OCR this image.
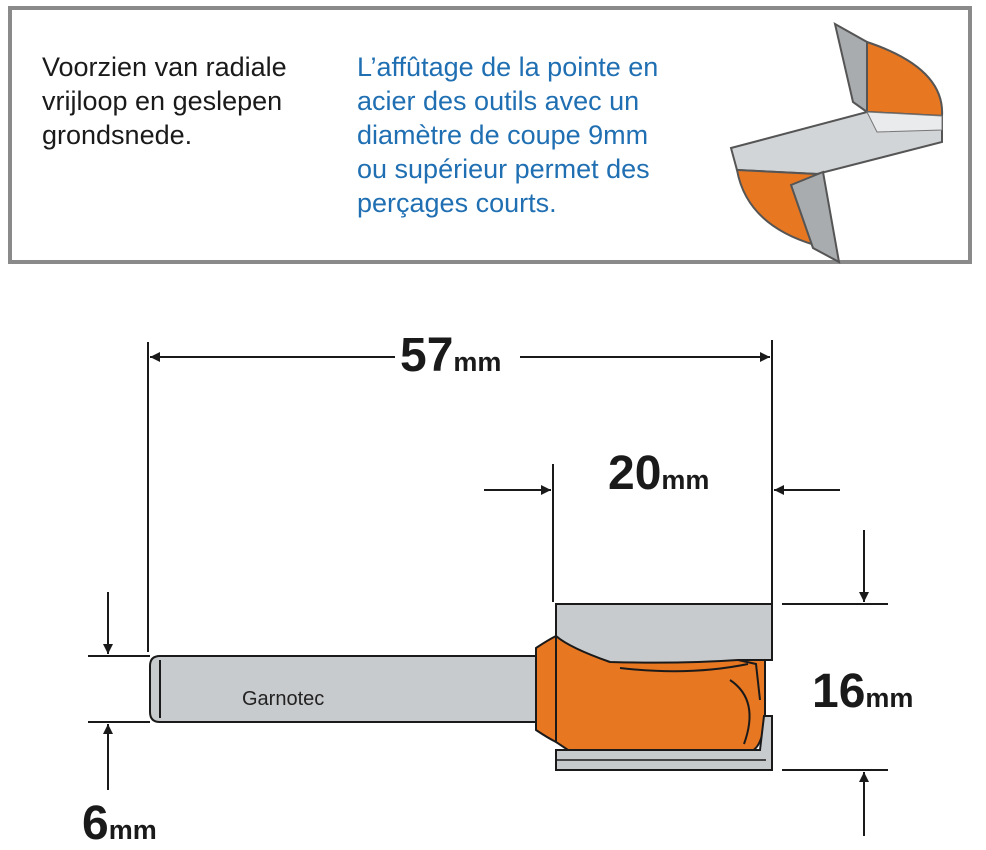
Voorzien van radiale
vrijloop en geslepen
grondsnede.
L’affûtage de la pointe en
acier des outils avec un
diamètre de coupe 9mm
ou supérieur permet des
perçages courts.
Garnotec
57mm
20mm
16mm
6mm
